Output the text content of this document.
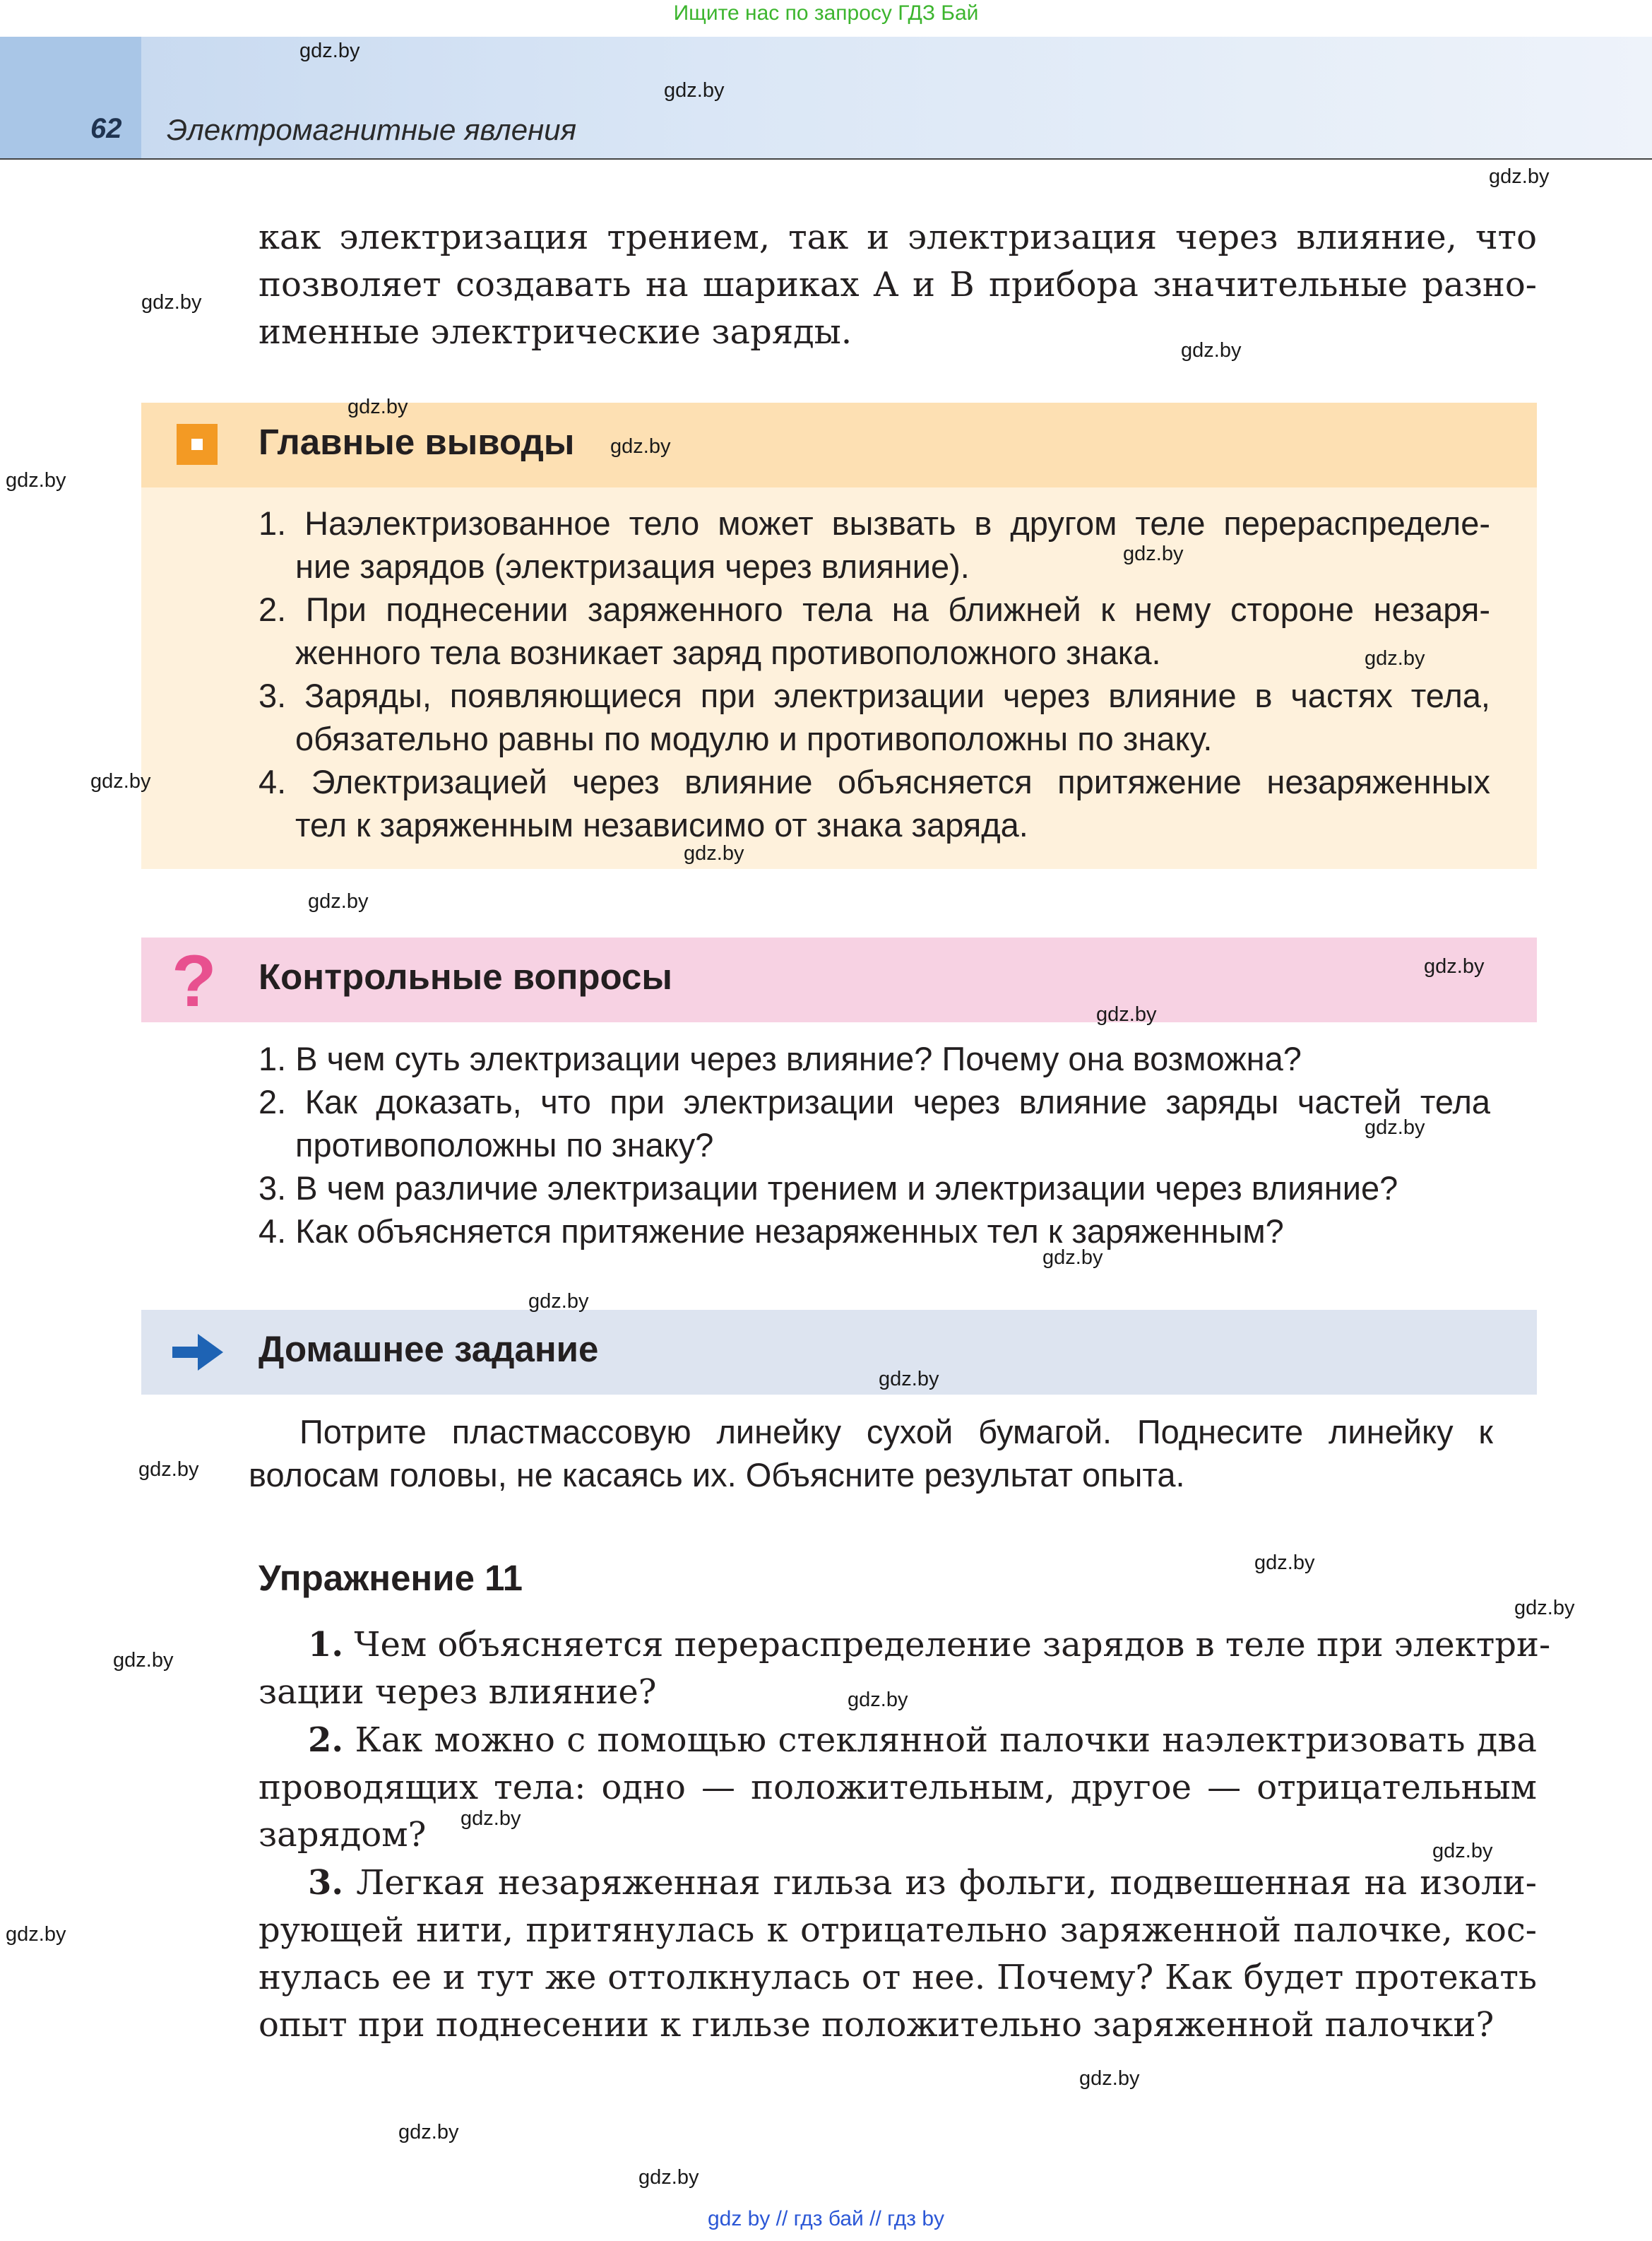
Ищите нас по запросу ГДЗ Бай
62 Электромагнитные явления
как электризация трением, так и электризация через влияние, что
позволяет создавать на шариках A и B прибора значительные разно-
именные электрические заряды.
Главные выводы
1. Наэлектризованное тело может вызвать в другом теле перераспределе-
ние зарядов (электризация через влияние).
2. При поднесении заряженного тела на ближней к нему стороне незаря-
женного тела возникает заряд противоположного знака.
3. Заряды, появляющиеся при электризации через влияние в частях тела,
обязательно равны по модулю и противоположны по знаку.
4. Электризацией через влияние объясняется притяжение незаряженных
тел к заряженным независимо от знака заряда.
? Контрольные вопросы
1. В чем суть электризации через влияние? Почему она возможна?
2. Как доказать, что при электризации через влияние заряды частей тела
противоположны по знаку?
3. В чем различие электризации трением и электризации через влияние?
4. Как объясняется притяжение незаряженных тел к заряженным?
Домашнее задание
Потрите пластмассовую линейку сухой бумагой. Поднесите линейку к
волосам головы, не касаясь их. Объясните результат опыта.
Упражнение 11
1. Чем объясняется перераспределение зарядов в теле при электри-
зации через влияние?
2. Как можно с помощью стеклянной палочки наэлектризовать два
проводящих тела: одно — положительным, другое — отрицательным
зарядом?
3. Легкая незаряженная гильза из фольги, подвешенная на изоли-
рующей нити, притянулась к отрицательно заряженной палочке, кос-
нулась ее и тут же оттолкнулась от нее. Почему? Как будет протекать
опыт при поднесении к гильзе положительно заряженной палочки?
gdz.by
gdz.by
gdz.by
gdz.by
gdz.by
gdz.by
gdz.by
gdz.by
gdz.by
gdz.by
gdz.by
gdz.by
gdz.by
gdz.by
gdz.by
gdz.by
gdz.by
gdz.by
gdz.by
gdz.by
gdz.by
gdz.by
gdz.by
gdz.by
gdz.by
gdz.by
gdz.by
gdz.by
gdz.by
gdz.by
gdz by // гдз бай // гдз by
